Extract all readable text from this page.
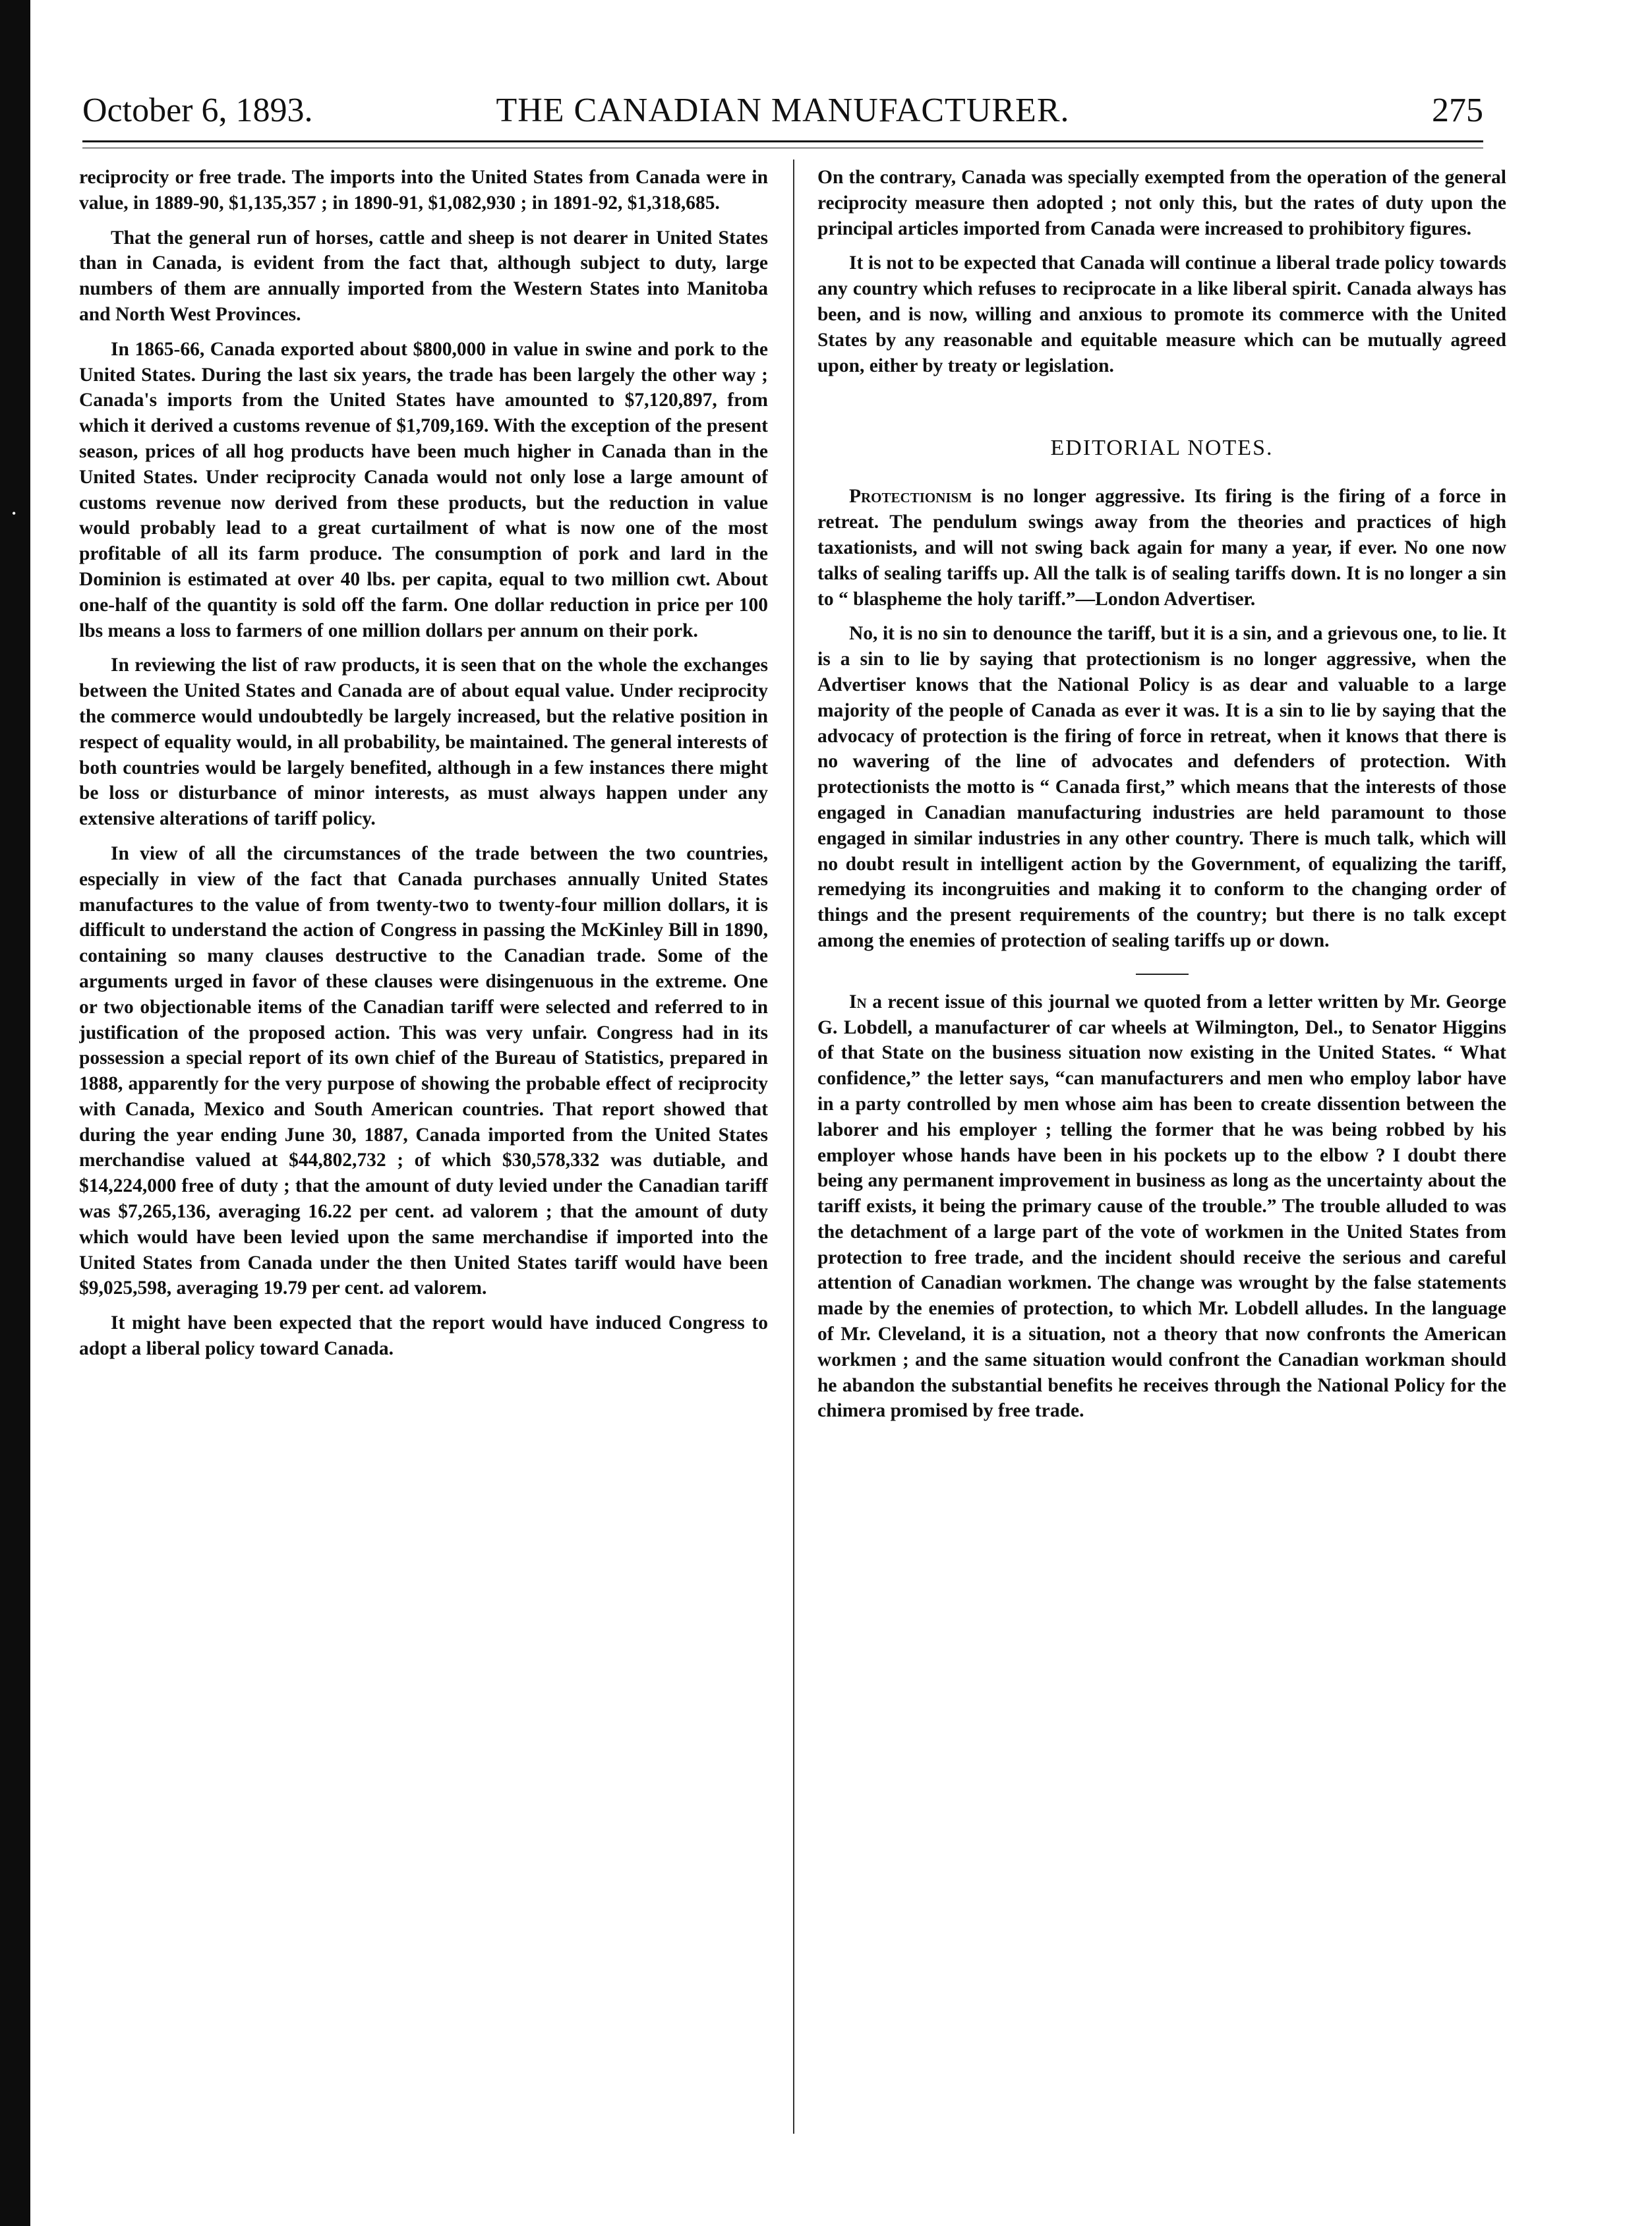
•
October 6, 1893.	THE CANADIAN MANUFACTURER.	275

reciprocity or free trade. The imports into the United States from Canada were in value, in 1889-90, $1,135,357 ; in 1890-91, $1,082,930 ; in 1891-92, $1,318,685.

That the general run of horses, cattle and sheep is not dearer in United States than in Canada, is evident from the fact that, although subject to duty, large numbers of them are annually imported from the Western States into Manitoba and North West Provinces.

In 1865-66, Canada exported about $800,000 in value in swine and pork to the United States. During the last six years, the trade has been largely the other way ; Canada's imports from the United States have amounted to $7,120,897, from which it derived a customs revenue of $1,709,169. With the exception of the present season, prices of all hog products have been much higher in Canada than in the United States. Under reciprocity Canada would not only lose a large amount of customs revenue now derived from these products, but the reduction in value would probably lead to a great curtailment of what is now one of the most profitable of all its farm produce. The consumption of pork and lard in the Dominion is estimated at over 40 lbs. per capita, equal to two million cwt. About one-half of the quantity is sold off the farm. One dollar reduction in price per 100 lbs means a loss to farmers of one million dollars per annum on their pork.

In reviewing the list of raw products, it is seen that on the whole the exchanges between the United States and Canada are of about equal value. Under reciprocity the commerce would undoubtedly be largely increased, but the relative position in respect of equality would, in all probability, be maintained. The general interests of both countries would be largely benefited, although in a few instances there might be loss or disturbance of minor interests, as must always happen under any extensive alterations of tariff policy.

In view of all the circumstances of the trade between the two countries, especially in view of the fact that Canada purchases annually United States manufactures to the value of from twenty-two to twenty-four million dollars, it is difficult to understand the action of Congress in passing the McKinley Bill in 1890, containing so many clauses destructive to the Canadian trade. Some of the arguments urged in favor of these clauses were disingenuous in the extreme. One or two objectionable items of the Canadian tariff were selected and referred to in justification of the proposed action. This was very unfair. Congress had in its possession a special report of its own chief of the Bureau of Statistics, prepared in 1888, apparently for the very purpose of showing the probable effect of reciprocity with Canada, Mexico and South American countries. That report showed that during the year ending June 30, 1887, Canada imported from the United States merchandise valued at $44,802,732 ; of which $30,578,332 was dutiable, and $14,224,000 free of duty ; that the amount of duty levied under the Canadian tariff was $7,265,136, averaging 16.22 per cent. ad valorem ; that the amount of duty which would have been levied upon the same merchandise if imported into the United States from Canada under the then United States tariff would have been $9,025,598, averaging 19.79 per cent. ad valorem.

It might have been expected that the report would have induced Congress to adopt a liberal policy toward Canada.

On the contrary, Canada was specially exempted from the operation of the general reciprocity measure then adopted ; not only this, but the rates of duty upon the principal articles imported from Canada were increased to prohibitory figures.

It is not to be expected that Canada will continue a liberal trade policy towards any country which refuses to reciprocate in a like liberal spirit. Canada always has been, and is now, willing and anxious to promote its commerce with the United States by any reasonable and equitable measure which can be mutually agreed upon, either by treaty or legislation.

EDITORIAL NOTES.

Protectionism is no longer aggressive. Its firing is the firing of a force in retreat. The pendulum swings away from the theories and practices of high taxationists, and will not swing back again for many a year, if ever. No one now talks of sealing tariffs up. All the talk is of sealing tariffs down. It is no longer a sin to “ blaspheme the holy tariff.”—London Advertiser.

No, it is no sin to denounce the tariff, but it is a sin, and a grievous one, to lie. It is a sin to lie by saying that protectionism is no longer aggressive, when the Advertiser knows that the National Policy is as dear and valuable to a large majority of the people of Canada as ever it was. It is a sin to lie by saying that the advocacy of protection is the firing of force in retreat, when it knows that there is no wavering of the line of advocates and defenders of protection. With protectionists the motto is “ Canada first,” which means that the interests of those engaged in Canadian manufacturing industries are held paramount to those engaged in similar industries in any other country. There is much talk, which will no doubt result in intelligent action by the Government, of equalizing the tariff, remedying its incongruities and making it to conform to the changing order of things and the present requirements of the country; but there is no talk except among the enemies of protection of sealing tariffs up or down.

In a recent issue of this journal we quoted from a letter written by Mr. George G. Lobdell, a manufacturer of car wheels at Wilmington, Del., to Senator Higgins of that State on the business situation now existing in the United States. “ What confidence,” the letter says, “can manufacturers and men who employ labor have in a party controlled by men whose aim has been to create dissention between the laborer and his employer ; telling the former that he was being robbed by his employer whose hands have been in his pockets up to the elbow ? I doubt there being any permanent improvement in business as long as the uncertainty about the tariff exists, it being the primary cause of the trouble.” The trouble alluded to was the detachment of a large part of the vote of workmen in the United States from protection to free trade, and the incident should receive the serious and careful attention of Canadian workmen. The change was wrought by the false statements made by the enemies of protection, to which Mr. Lobdell alludes. In the language of Mr. Cleveland, it is a situation, not a theory that now confronts the American workmen ; and the same situation would confront the Canadian workman should he abandon the substantial benefits he receives through the National Policy for the chimera promised by free trade.
